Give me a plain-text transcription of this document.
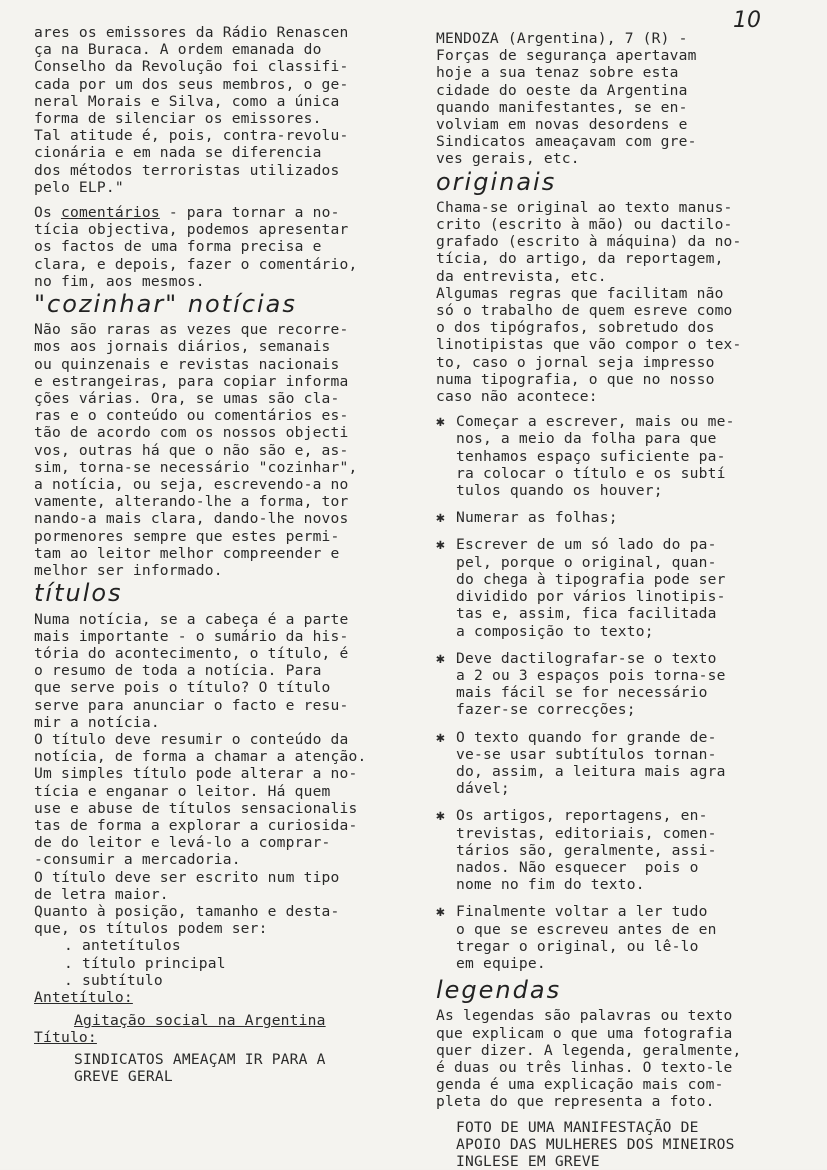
10

ares os emissores da Rádio Renascen

ça na Buraca. A ordem emanada do

Conselho da Revolução foi classifi-

cada por um dos seus membros, o ge-

neral Morais e Silva, como a única

forma de silenciar os emissores.

Tal atitude é, pois, contra-revolu-

cionária e em nada se diferencia

dos métodos terroristas utilizados

pelo ELP."

Os comentários - para tornar a no-

tícia objectiva, podemos apresentar

os factos de uma forma precisa e

clara, e depois, fazer o comentário,

no fim, aos mesmos.

"cozinhar" notícias

Não são raras as vezes que recorre-

mos aos jornais diários, semanais

ou quinzenais e revistas nacionais

e estrangeiras, para copiar informa

ções várias. Ora, se umas são cla-

ras e o conteúdo ou comentários es-

tão de acordo com os nossos objecti

vos, outras há que o não são e, as-

sim, torna-se necessário "cozinhar",

a notícia, ou seja, escrevendo-a no

vamente, alterando-lhe a forma, tor

nando-a mais clara, dando-lhe novos

pormenores sempre que estes permi-

tam ao leitor melhor compreender e

melhor ser informado.

títulos

Numa notícia, se a cabeça é a parte

mais importante - o sumário da his-

tória do acontecimento, o título, é

o resumo de toda a notícia. Para

que serve pois o título? O título

serve para anunciar o facto e resu-

mir a notícia.

O título deve resumir o conteúdo da

notícia, de forma a chamar a atenção.

Um simples título pode alterar a no-

tícia e enganar o leitor. Há quem

use e abuse de títulos sensacionalis

tas de forma a explorar a curiosida-

de do leitor e levá-lo a comprar-

-consumir a mercadoria.

O título deve ser escrito num tipo

de letra maior.

Quanto à posição, tamanho e desta-

que, os títulos podem ser:

. antetítulos

. título principal

. subtítulo

Antetítulo:

Agitação social na Argentina

Título:

SINDICATOS AMEAÇAM IR PARA A

GREVE GERAL

MENDOZA (Argentina), 7 (R) -

Forças de segurança apertavam

hoje a sua tenaz sobre esta

cidade do oeste da Argentina

quando manifestantes, se en-

volviam em novas desordens e

Sindicatos ameaçavam com gre-

ves gerais, etc.

originais

Chama-se original ao texto manus-

crito (escrito à mão) ou dactilo-

grafado (escrito à máquina) da no-

tícia, do artigo, da reportagem,

da entrevista, etc.

Algumas regras que facilitam não

só o trabalho de quem esreve como

o dos tipógrafos, sobretudo dos

linotipistas que vão compor o tex-

to, caso o jornal seja impresso

numa tipografia, o que no nosso

caso não acontece:

✱ Começar a escrever, mais ou me-

nos, a meio da folha para que

tenhamos espaço suficiente pa-

ra colocar o título e os subtí

tulos quando os houver;

✱ Numerar as folhas;

✱ Escrever de um só lado do pa-

pel, porque o original, quan-

do chega à tipografia pode ser

dividido por vários linotipis-

tas e, assim, fica facilitada

a composição to texto;

✱ Deve dactilografar-se o texto

a 2 ou 3 espaços pois torna-se

mais fácil se for necessário

fazer-se correcções;

✱ O texto quando for grande de-

ve-se usar subtítulos tornan-

do, assim, a leitura mais agra

dável;

✱ Os artigos, reportagens, en-

trevistas, editoriais, comen-

tários são, geralmente, assi-

nados. Não esquecer  pois o

nome no fim do texto.

✱ Finalmente voltar a ler tudo

o que se escreveu antes de en

tregar o original, ou lê-lo

em equipe.

legendas

As legendas são palavras ou texto

que explicam o que uma fotografia

quer dizer. A legenda, geralmente,

é duas ou três linhas. O texto-le

genda é uma explicação mais com-

pleta do que representa a foto.

FOTO DE UMA MANIFESTAÇÃO DE

APOIO DAS MULHERES DOS MINEIROS

INGLESE EM GREVE
